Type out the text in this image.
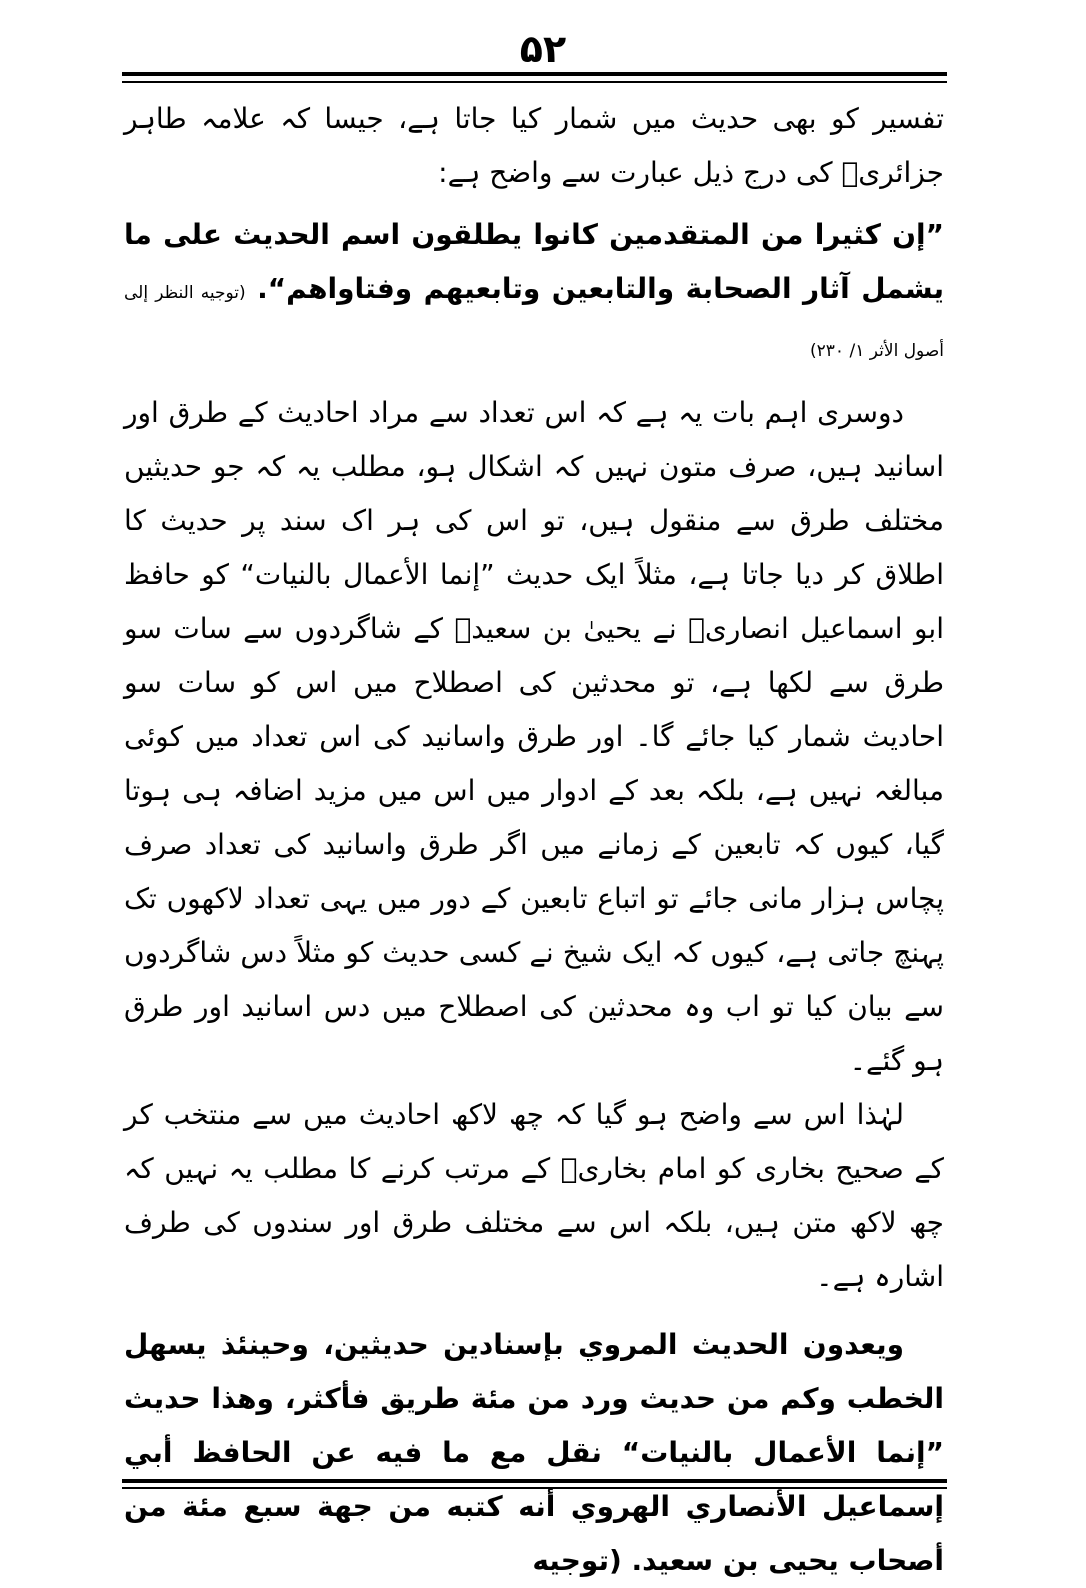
۵۲

تفسیر کو بھی حدیث میں شمار کیا جاتا ہے، جیسا کہ علامہ طاہر جزائریؒ کی درج ذیل عبارت سے واضح ہے:

”إن كثيرا من المتقدمين كانوا يطلقون اسم الحديث على ما يشمل آثار الصحابة والتابعين وتابعيهم وفتاواهم“. (توجيه النظر إلى أصول الأثر ۱/ ۲۳۰)

دوسری اہم بات یہ ہے کہ اس تعداد سے مراد احادیث کے طرق اور اسانید ہیں، صرف متون نہیں کہ اشکال ہو، مطلب یہ کہ جو حدیثیں مختلف طرق سے منقول ہیں، تو اس کی ہر اک سند پر حدیث کا اطلاق کر دیا جاتا ہے، مثلاً ایک حدیث ”إنما الأعمال بالنیات“ کو حافظ ابو اسماعیل انصاریؒ نے یحییٰ بن سعیدؒ کے شاگردوں سے سات سو طرق سے لکھا ہے، تو محدثین کی اصطلاح میں اس کو سات سو احادیث شمار کیا جائے گا۔ اور طرق واسانید کی اس تعداد میں کوئی مبالغہ نہیں ہے، بلکہ بعد کے ادوار میں اس میں مزید اضافہ ہی ہوتا گیا، کیوں کہ تابعین کے زمانے میں اگر طرق واسانید کی تعداد صرف پچاس ہزار مانی جائے تو اتباع تابعین کے دور میں یہی تعداد لاکھوں تک پہنچ جاتی ہے، کیوں کہ ایک شیخ نے کسی حدیث کو مثلاً دس شاگردوں سے بیان کیا تو اب وہ محدثین کی اصطلاح میں دس اسانید اور طرق ہو گئے۔

لہٰذا اس سے واضح ہو گیا کہ چھ لاکھ احادیث میں سے منتخب کر کے صحیح بخاری کو امام بخاریؒ کے مرتب کرنے کا مطلب یہ نہیں کہ چھ لاکھ متن ہیں، بلکہ اس سے مختلف طرق اور سندوں کی طرف اشارہ ہے۔

ويعدون الحديث المروي بإسنادين حديثين، وحينئذ يسهل الخطب وكم من حديث ورد من مئة طريق فأكثر، وهذا حديث ”إنما الأعمال بالنيات“ نقل مع ما فيه عن الحافظ أبي إسماعيل الأنصاري الهروي أنه كتبه من جهة سبع مئة من أصحاب يحيى بن سعيد. (توجيه
